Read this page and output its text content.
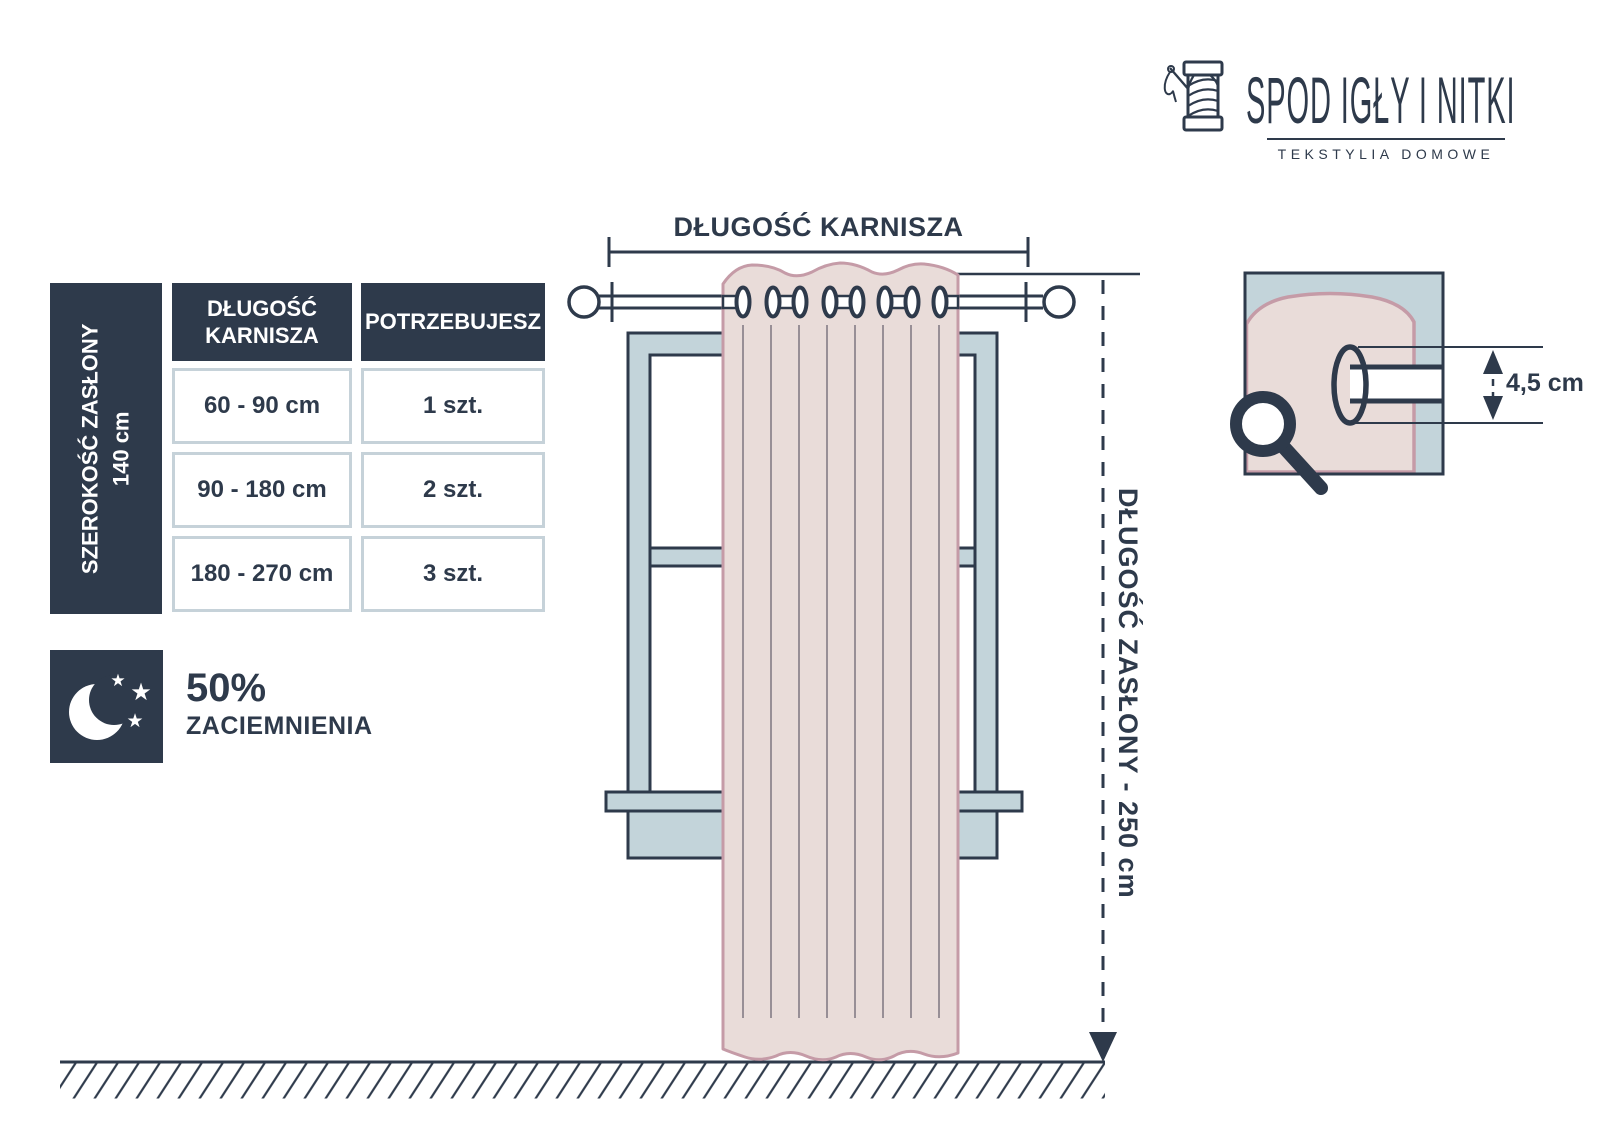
DŁUGOŚĆ KARNISZA
DŁUGOŚĆ ZASŁONY - 250 cm
4,5 cm
SPOD IGŁY I NITKI
TEKSTYLIA DOMOWE
SZEROKOŚĆ ZASŁONY 140 cm
DŁUGOŚĆ KARNISZA
POTRZEBUJESZ
60 - 90 cm	1 szt.
90 - 180 cm	2 szt.
180 - 270 cm	3 szt.
★ ★
★
50%
ZACIEMNIENIA
